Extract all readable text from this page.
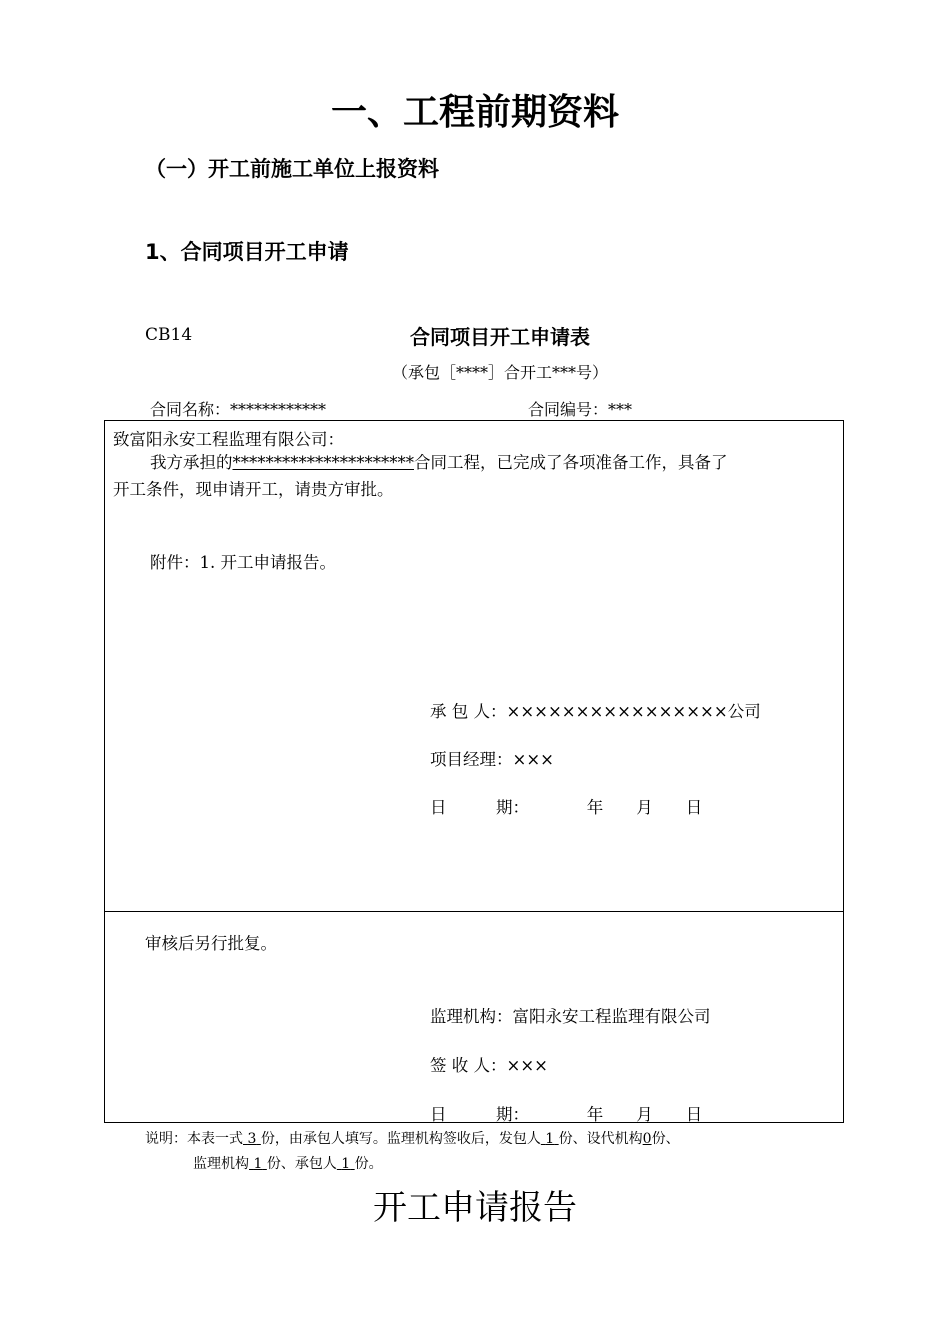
一、工程前期资料
（一）开工前施工单位上报资料
1、合同项目开工申请
CB14	合同项目开工申请表
（承包［****］合开工***号）
合同名称：************	合同编号：***
致富阳永安工程监理有限公司：
我方承担的**********************合同工程，已完成了各项准备工作，具备了
开工条件，现申请开工，请贵方审批。
附件：1. 开工申请报告。
承 包 人：××××××××××××××××公司
项目经理：×××
日　　　期：　　　　年　　月　　日
审核后另行批复。
监理机构：富阳永安工程监理有限公司
签 收 人：×××
日　　　期：　　　　年　　月　　日
说明：本表一式 3 份，由承包人填写。监理机构签收后，发包人 1 份、设代机构0份、
监理机构 1 份、承包人 1 份。
开工申请报告
